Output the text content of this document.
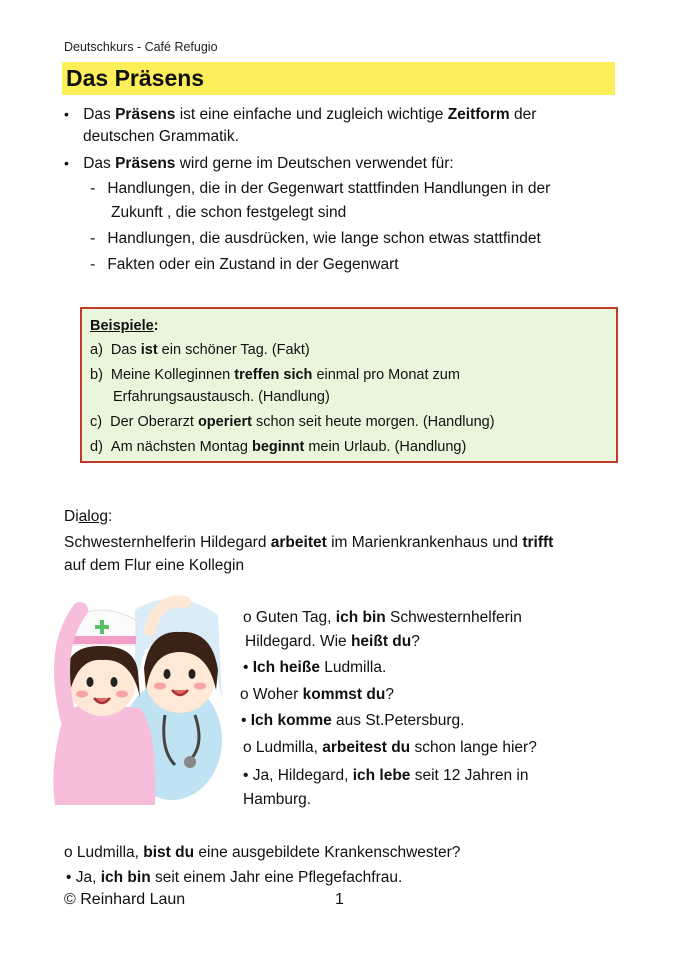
Deutschkurs - Café Refugio
Das Präsens
• Das Präsens ist eine einfache und zugleich wichtige Zeitform der
deutschen Grammatik.
• Das Präsens wird gerne im Deutschen verwendet für:
- Handlungen, die in der Gegenwart stattfinden Handlungen in der
Zukunft , die schon festgelegt sind
- Handlungen, die ausdrücken, wie lange schon etwas stattfindet
- Fakten oder ein Zustand in der Gegenwart
Beispiele:
a) Das ist ein schöner Tag. (Fakt)
b) Meine Kolleginnen treffen sich einmal pro Monat zum
Erfahrungsaustausch. (Handlung)
c) Der Oberarzt operiert schon seit heute morgen. (Handlung)
d) Am nächsten Montag beginnt mein Urlaub. (Handlung)
Dialog:
Schwesternhelferin Hildegard arbeitet im Marienkrankenhaus und trifft
auf dem Flur eine Kollegin
o Guten Tag, ich bin Schwesternhelferin
Hildegard. Wie heißt du?
• Ich heiße Ludmilla.
o Woher kommst du?
• Ich komme aus St.Petersburg.
o Ludmilla, arbeitest du schon lange hier?
• Ja, Hildegard, ich lebe seit 12 Jahren in
Hamburg.
o Ludmilla, bist du eine ausgebildete Krankenschwester?
• Ja, ich bin seit einem Jahr eine Pflegefachfrau.
© Reinhard Laun	1
